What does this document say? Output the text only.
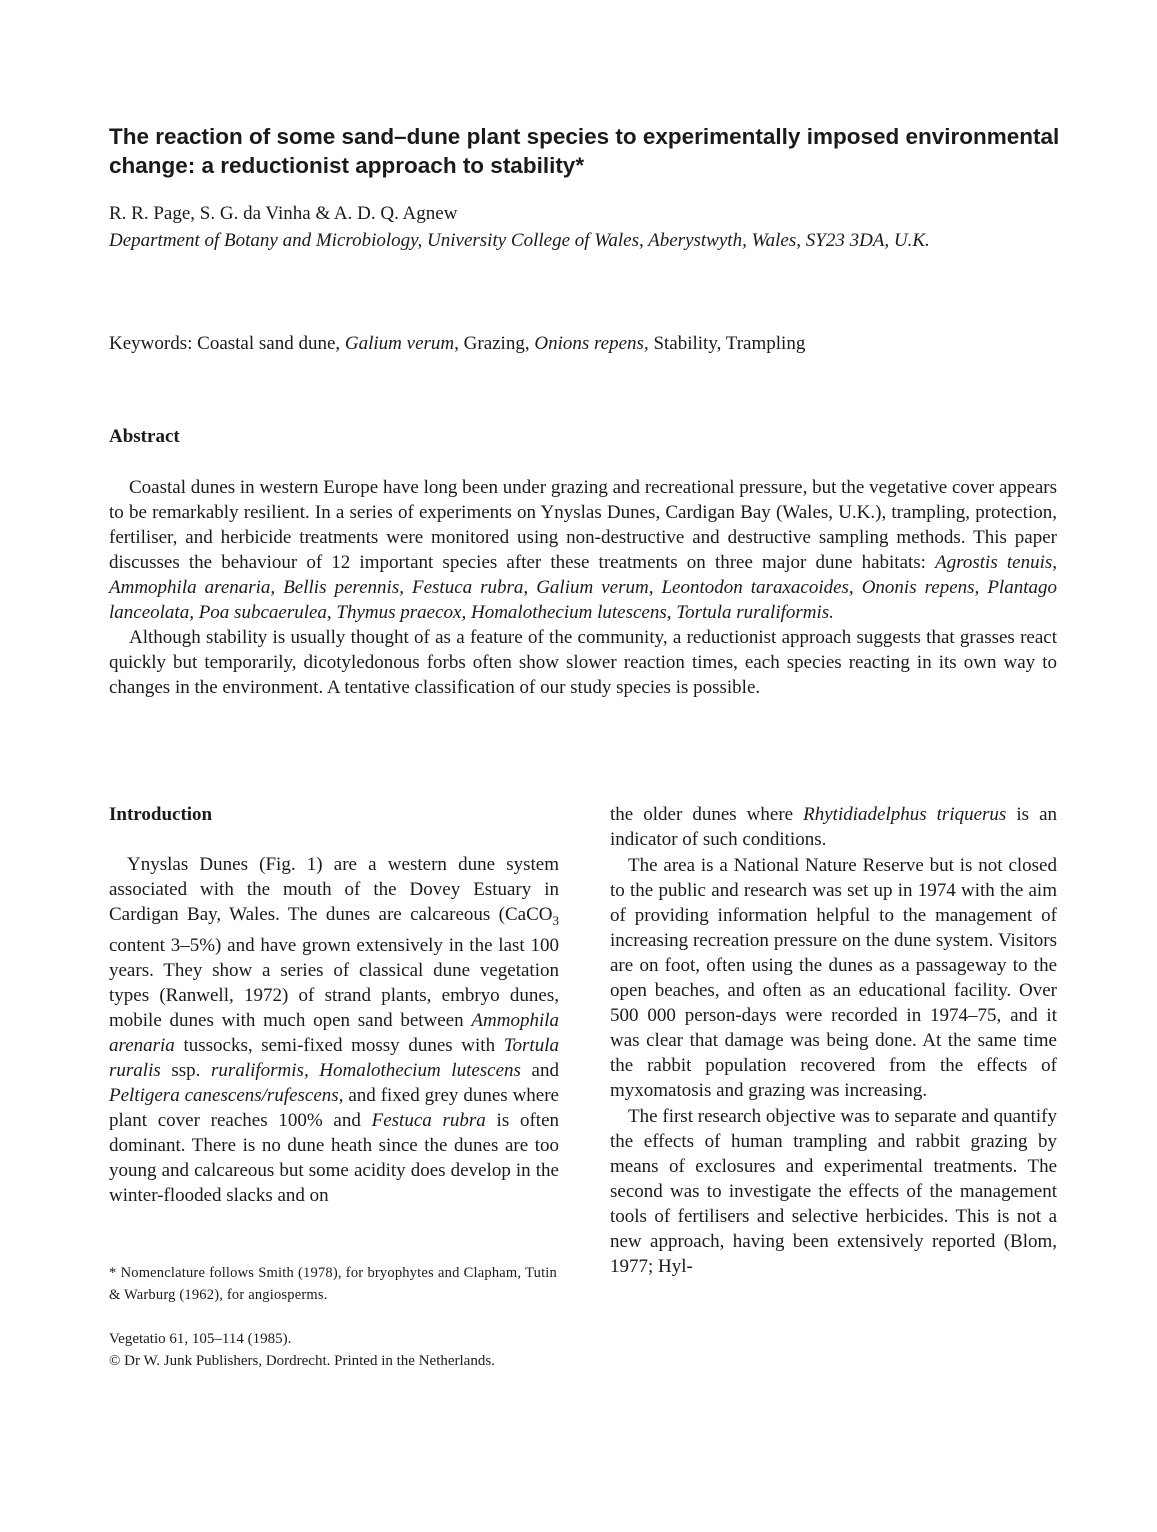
The reaction of some sand–dune plant species to experimentally imposed environmental change: a reductionist approach to stability*
R. R. Page, S. G. da Vinha & A. D. Q. Agnew
Department of Botany and Microbiology, University College of Wales, Aberystwyth, Wales, SY23 3DA, U.K.
Keywords: Coastal sand dune, Galium verum, Grazing, Onions repens, Stability, Trampling
Abstract

Coastal dunes in western Europe have long been under grazing and recreational pressure, but the vegetative cover appears to be remarkably resilient. In a series of experiments on Ynyslas Dunes, Cardigan Bay (Wales, U.K.), trampling, protection, fertiliser, and herbicide treatments were monitored using non-destructive and destructive sampling methods. This paper discusses the behaviour of 12 important species after these treatments on three major dune habitats: Agrostis tenuis, Ammophila arenaria, Bellis perennis, Festuca rubra, Galium verum, Leontodon taraxacoides, Ononis repens, Plantago lanceolata, Poa subcaerulea, Thymus praecox, Homalothecium lutescens, Tortula ruraliformis.

Although stability is usually thought of as a feature of the community, a reductionist approach suggests that grasses react quickly but temporarily, dicotyledonous forbs often show slower reaction times, each species reacting in its own way to changes in the environment. A tentative classification of our study species is possible.

Introduction

Ynyslas Dunes (Fig. 1) are a western dune system associated with the mouth of the Dovey Estuary in Cardigan Bay, Wales. The dunes are calcareous (CaCO$_3$ content 3–5%) and have grown extensively in the last 100 years. They show a series of classical dune vegetation types (Ranwell, 1972) of strand plants, embryo dunes, mobile dunes with much open sand between Ammophila arenaria tussocks, semi-fixed mossy dunes with Tortula ruralis ssp. ruraliformis, Homalothecium lutescens and Peltigera canescens/rufescens, and fixed grey dunes where plant cover reaches 100% and Festuca rubra is often dominant. There is no dune heath since the dunes are too young and calcareous but some acidity does develop in the winter-flooded slacks and on

the older dunes where Rhytidiadelphus triquerus is an indicator of such conditions.

The area is a National Nature Reserve but is not closed to the public and research was set up in 1974 with the aim of providing information helpful to the management of increasing recreation pressure on the dune system. Visitors are on foot, often using the dunes as a passageway to the open beaches, and often as an educational facility. Over 500 000 person-days were recorded in 1974–75, and it was clear that damage was being done. At the same time the rabbit population recovered from the effects of myxomatosis and grazing was increasing.

The first research objective was to separate and quantify the effects of human trampling and rabbit grazing by means of exclosures and experimental treatments. The second was to investigate the effects of the management tools of fertilisers and selective herbicides. This is not a new approach, having been extensively reported (Blom, 1977; Hyl-

* Nomenclature follows Smith (1978), for bryophytes and Clapham, Tutin & Warburg (1962), for angiosperms.
Vegetatio 61, 105–114 (1985).
© Dr W. Junk Publishers, Dordrecht. Printed in the Netherlands.
